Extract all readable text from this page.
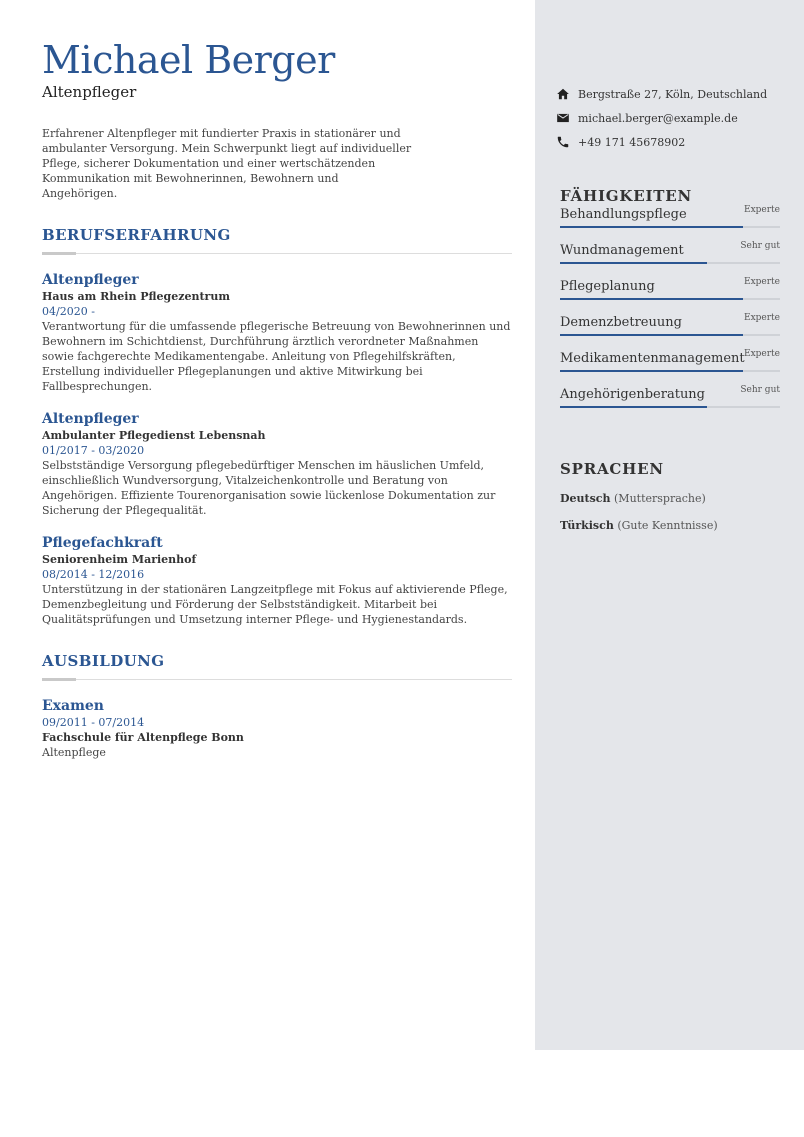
Michael Berger
Altenpfleger

Erfahrener Altenpfleger mit fundierter Praxis in stationärer und ambulanter Versorgung. Mein Schwerpunkt liegt auf individueller Pflege, sicherer Dokumentation und einer wertschätzenden Kommunikation mit Bewohnerinnen, Bewohnern und Angehörigen.

BERUFSERFAHRUNG
Altenpfleger
Haus am Rhein Pflegezentrum
04/2020 -
Verantwortung für die umfassende pflegerische Betreuung von Bewohnerinnen und Bewohnern im Schichtdienst, Durchführung ärztlich verordneter Maßnahmen sowie fachgerechte Medikamentengabe. Anleitung von Pflegehilfskräften, Erstellung individueller Pflegeplanungen und aktive Mitwirkung bei Fallbesprechungen.
Altenpfleger
Ambulanter Pflegedienst Lebensnah
01/2017 - 03/2020
Selbstständige Versorgung pflegebedürftiger Menschen im häuslichen Umfeld, einschließlich Wundversorgung, Vitalzeichenkontrolle und Beratung von Angehörigen. Effiziente Tourenorganisation sowie lückenlose Dokumentation zur Sicherung der Pflegequalität.
Pflegefachkraft
Seniorenheim Marienhof
08/2014 - 12/2016
Unterstützung in der stationären Langzeitpflege mit Fokus auf aktivierende Pflege, Demenzbegleitung und Förderung der Selbstständigkeit. Mitarbeit bei Qualitätsprüfungen und Umsetzung interner Pflege- und Hygienestandards.
AUSBILDUNG
Examen
09/2011 - 07/2014
Fachschule für Altenpflege Bonn
Altenpflege
Bergstraße 27, Köln, Deutschland
michael.berger@example.de
+49 171 45678902
FÄHIGKEITEN
Behandlungspflege	Experte
Wundmanagement	Sehr gut
Pflegeplanung	Experte
Demenzbetreuung	Experte
Medikamentenmanagement Experte
Angehörigenberatung	Sehr gut
SPRACHEN
Deutsch (Muttersprache)
Türkisch (Gute Kenntnisse)
